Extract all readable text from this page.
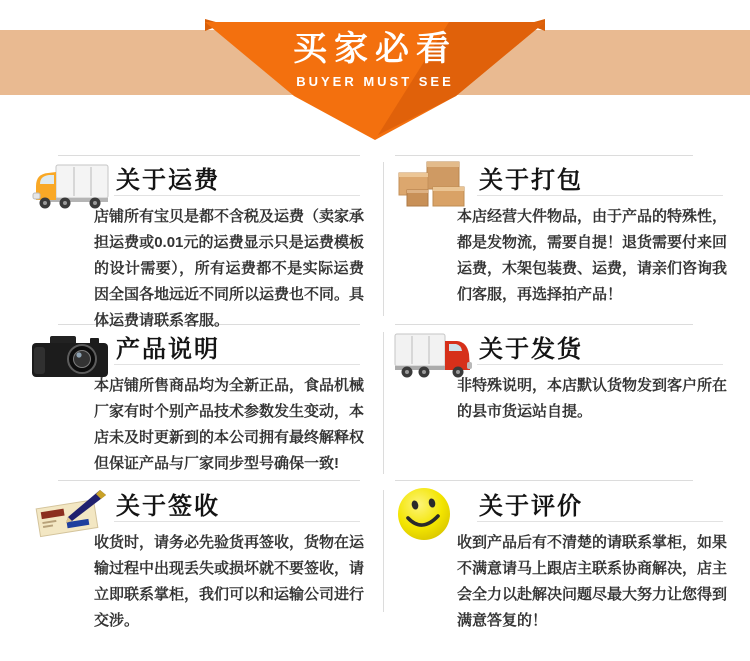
买家必看
BUYER MUST SEE
关于运费
店铺所有宝贝是都不含税及运费（卖家承担运费或0.01元的运费显示只是运费模板的设计需要），所有运费都不是实际运费因全国各地远近不同所以运费也不同。具体运费请联系客服。
关于打包
本店经营大件物品，由于产品的特殊性，都是发物流，需要自提！退货需要付来回运费，木架包装费、运费，请亲们咨询我们客服，再选择拍产品！
产品说明
本店铺所售商品均为全新正品，食品机械厂家有时个别产品技术参数发生变动，本店未及时更新到的本公司拥有最终解释权但保证产品与厂家同步型号确保一致!
关于发货
非特殊说明，本店默认货物发到客户所在的县市货运站自提。
关于签收
收货时，请务必先验货再签收，货物在运输过程中出现丢失或损坏就不要签收，请立即联系掌柜，我们可以和运输公司进行交涉。
关于评价
收到产品后有不清楚的请联系掌柜，如果不满意请马上跟店主联系协商解决，店主会全力以赴解决问题尽最大努力让您得到满意答复的！
